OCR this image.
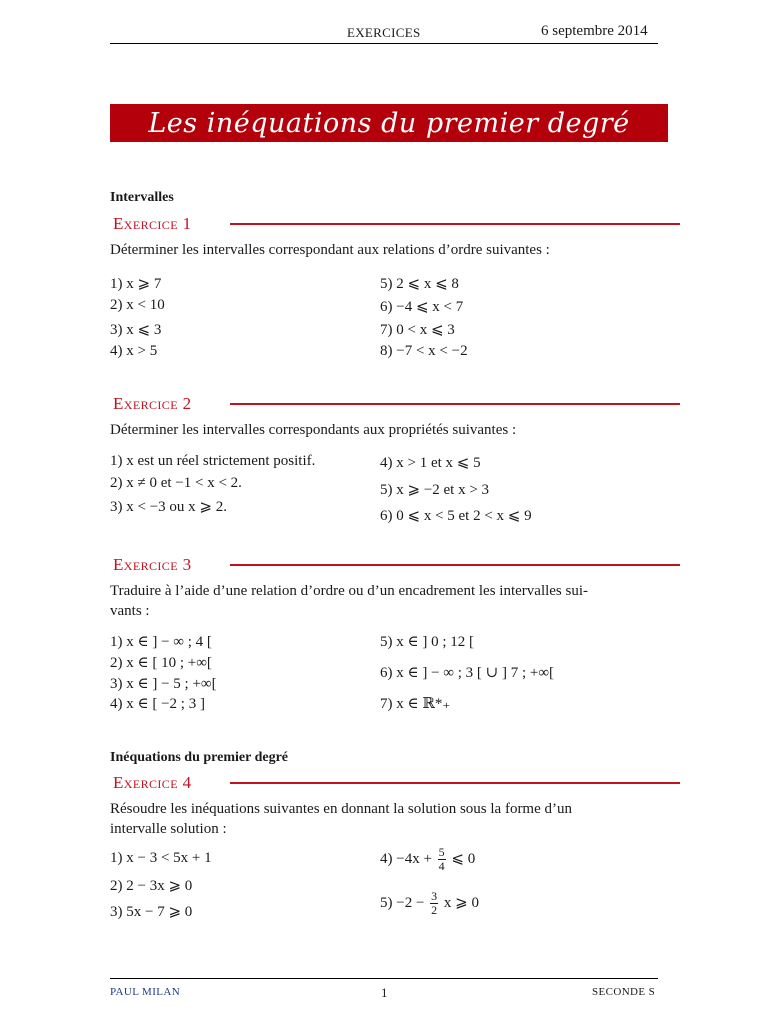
EXERCICES	6 septembre 2014
Les inéquations du premier degré
Intervalles
Exercice 1
Déterminer les intervalles correspondant aux relations d’ordre suivantes :
1) x ⩾ 7
2) x < 10
3) x ⩽ 3
4) x > 5
5) 2 ⩽ x ⩽ 8
6) −4 ⩽ x < 7
7) 0 < x ⩽ 3
8) −7 < x < −2
Exercice 2
Déterminer les intervalles correspondants aux propriétés suivantes :
1) x est un réel strictement positif.
2) x ≠ 0 et −1 < x < 2.
3) x < −3 ou x ⩾ 2.
4) x > 1 et x ⩽ 5
5) x ⩾ −2 et x > 3
6) 0 ⩽ x < 5 et 2 < x ⩽ 9
Exercice 3
Traduire à l’aide d’une relation d’ordre ou d’un encadrement les intervalles sui-
vants :
1) x ∈ ] − ∞ ; 4 [
2) x ∈ [ 10 ; +∞[
3) x ∈ ] − 5 ; +∞[
4) x ∈ [ −2 ; 3 ]
5) x ∈ ] 0 ; 12 [
6) x ∈ ] − ∞ ; 3 [ ∪ ] 7 ; +∞[
7) x ∈ ℝ*₊
Inéquations du premier degré
Exercice 4
Résoudre les inéquations suivantes en donnant la solution sous la forme d’un
intervalle solution :
1) x − 3 < 5x + 1
2) 2 − 3x ⩾ 0
3) 5x − 7 ⩾ 0
$4) -4x + \frac{5}{4}$ ⩽ 0
$5) -2 - \frac{3}{2}$ x ⩾ 0
PAUL MILAN	1	SECONDE S
